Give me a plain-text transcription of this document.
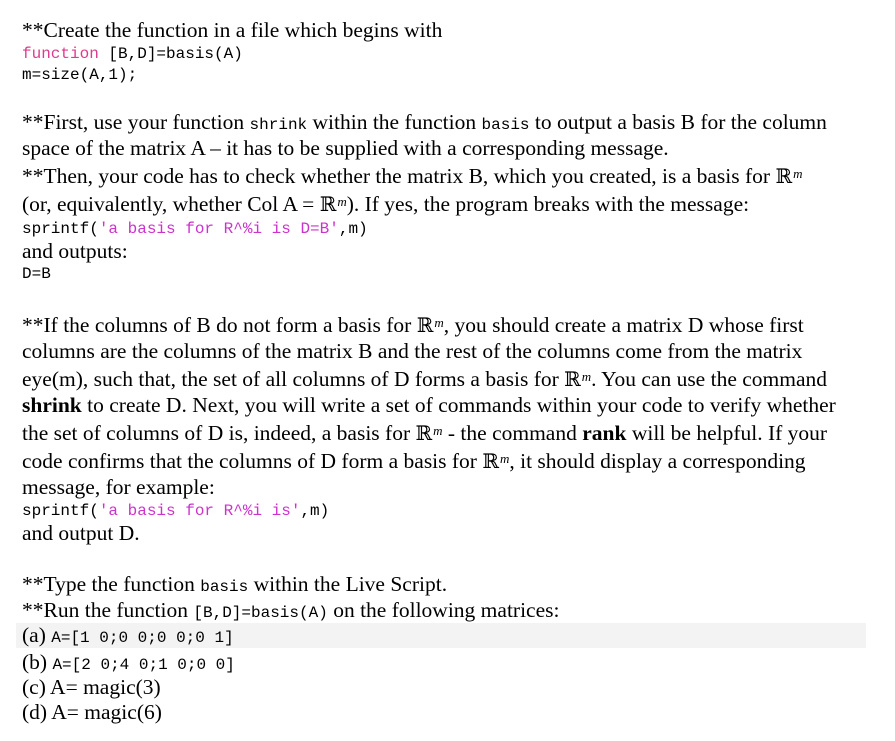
**Create the function in a file which begins with
function [B,D]=basis(A)
m=size(A,1);
**First, use your function shrink within the function basis to output a basis B for the column
space of the matrix A – it has to be supplied with a corresponding message.
**Then, your code has to check whether the matrix B, which you created, is a basis for ℝ$^m$
(or, equivalently, whether Col A = ℝ$^m$). If yes, the program breaks with the message:
sprintf('a basis for R^%i is D=B',m)
and outputs:
D=B
**If the columns of B do not form a basis for ℝ$^m$, you should create a matrix D whose first
columns are the columns of the matrix B and the rest of the columns come from the matrix
eye(m), such that, the set of all columns of D forms a basis for ℝ$^m$. You can use the command
shrink to create D. Next, you will write a set of commands within your code to verify whether
the set of columns of D is, indeed, a basis for ℝ$^m$ - the command rank will be helpful. If your
code confirms that the columns of D form a basis for ℝ$^m$, it should display a corresponding
message, for example:
sprintf('a basis for R^%i is',m)
and output D.
**Type the function basis within the Live Script.
**Run the function [B,D]=basis(A) on the following matrices:
(a) A=[1 0;0 0;0 0;0 1]
(b) A=[2 0;4 0;1 0;0 0]
(c) A= magic(3)
(d) A= magic(6)
